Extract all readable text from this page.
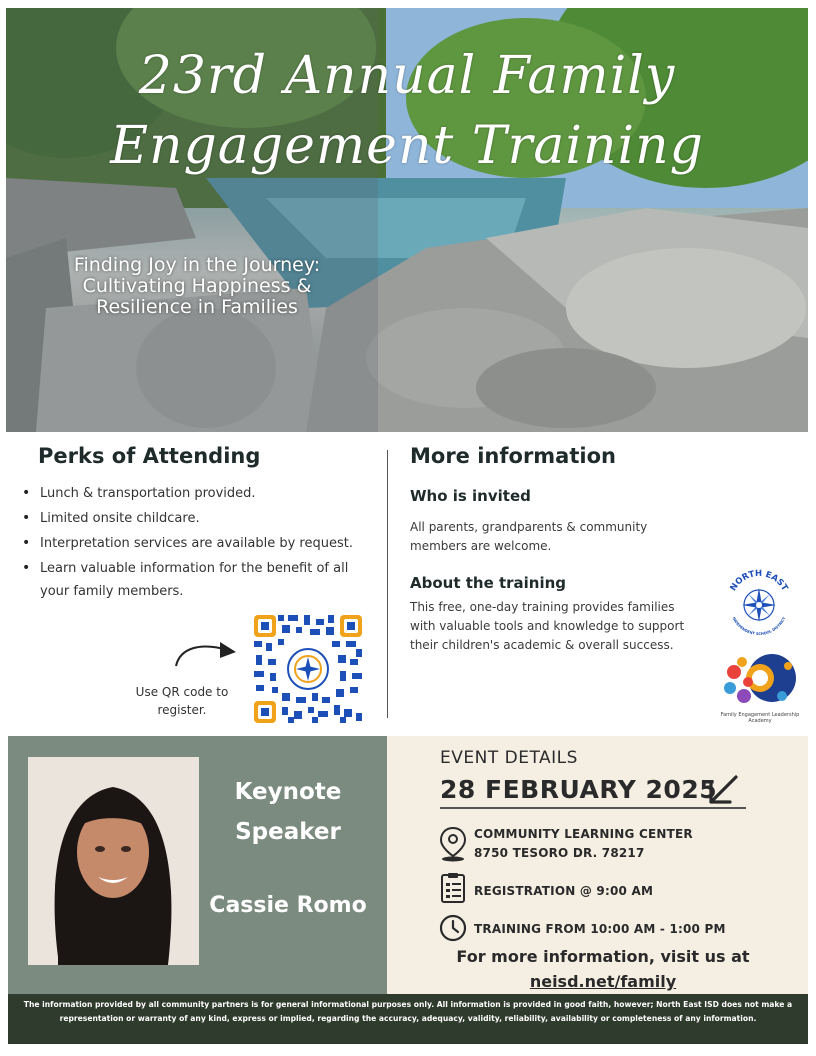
23rd Annual Family
Engagement Training
Finding Joy in the Journey: Cultivating Happiness & Resilience in Families
Perks of Attending
• Lunch & transportation provided.
• Limited onsite childcare.
• Interpretation services are available by request.
• Learn valuable information for the benefit of all your family members.
Use QR code to register.
More information
Who is invited
All parents, grandparents & community members are welcome.
About the training
This free, one-day training provides families with valuable tools and knowledge to support their children's academic & overall success.
NORTH EAST
INDEPENDENT SCHOOL DISTRICT
Family Engagement Leadership Academy
Keynote Speaker
Cassie Romo
EVENT DETAILS
28 FEBRUARY 2025
COMMUNITY LEARNING CENTER
8750 TESORO DR. 78217
REGISTRATION @ 9:00 AM
TRAINING FROM 10:00 AM - 1:00 PM
For more information, visit us at
neisd.net/family
The information provided by all community partners is for general informational purposes only. All information is provided in good faith, however; North East ISD does not make a representation or warranty of any kind, express or implied, regarding the accuracy, adequacy, validity, reliability, availability or completeness of any information.
